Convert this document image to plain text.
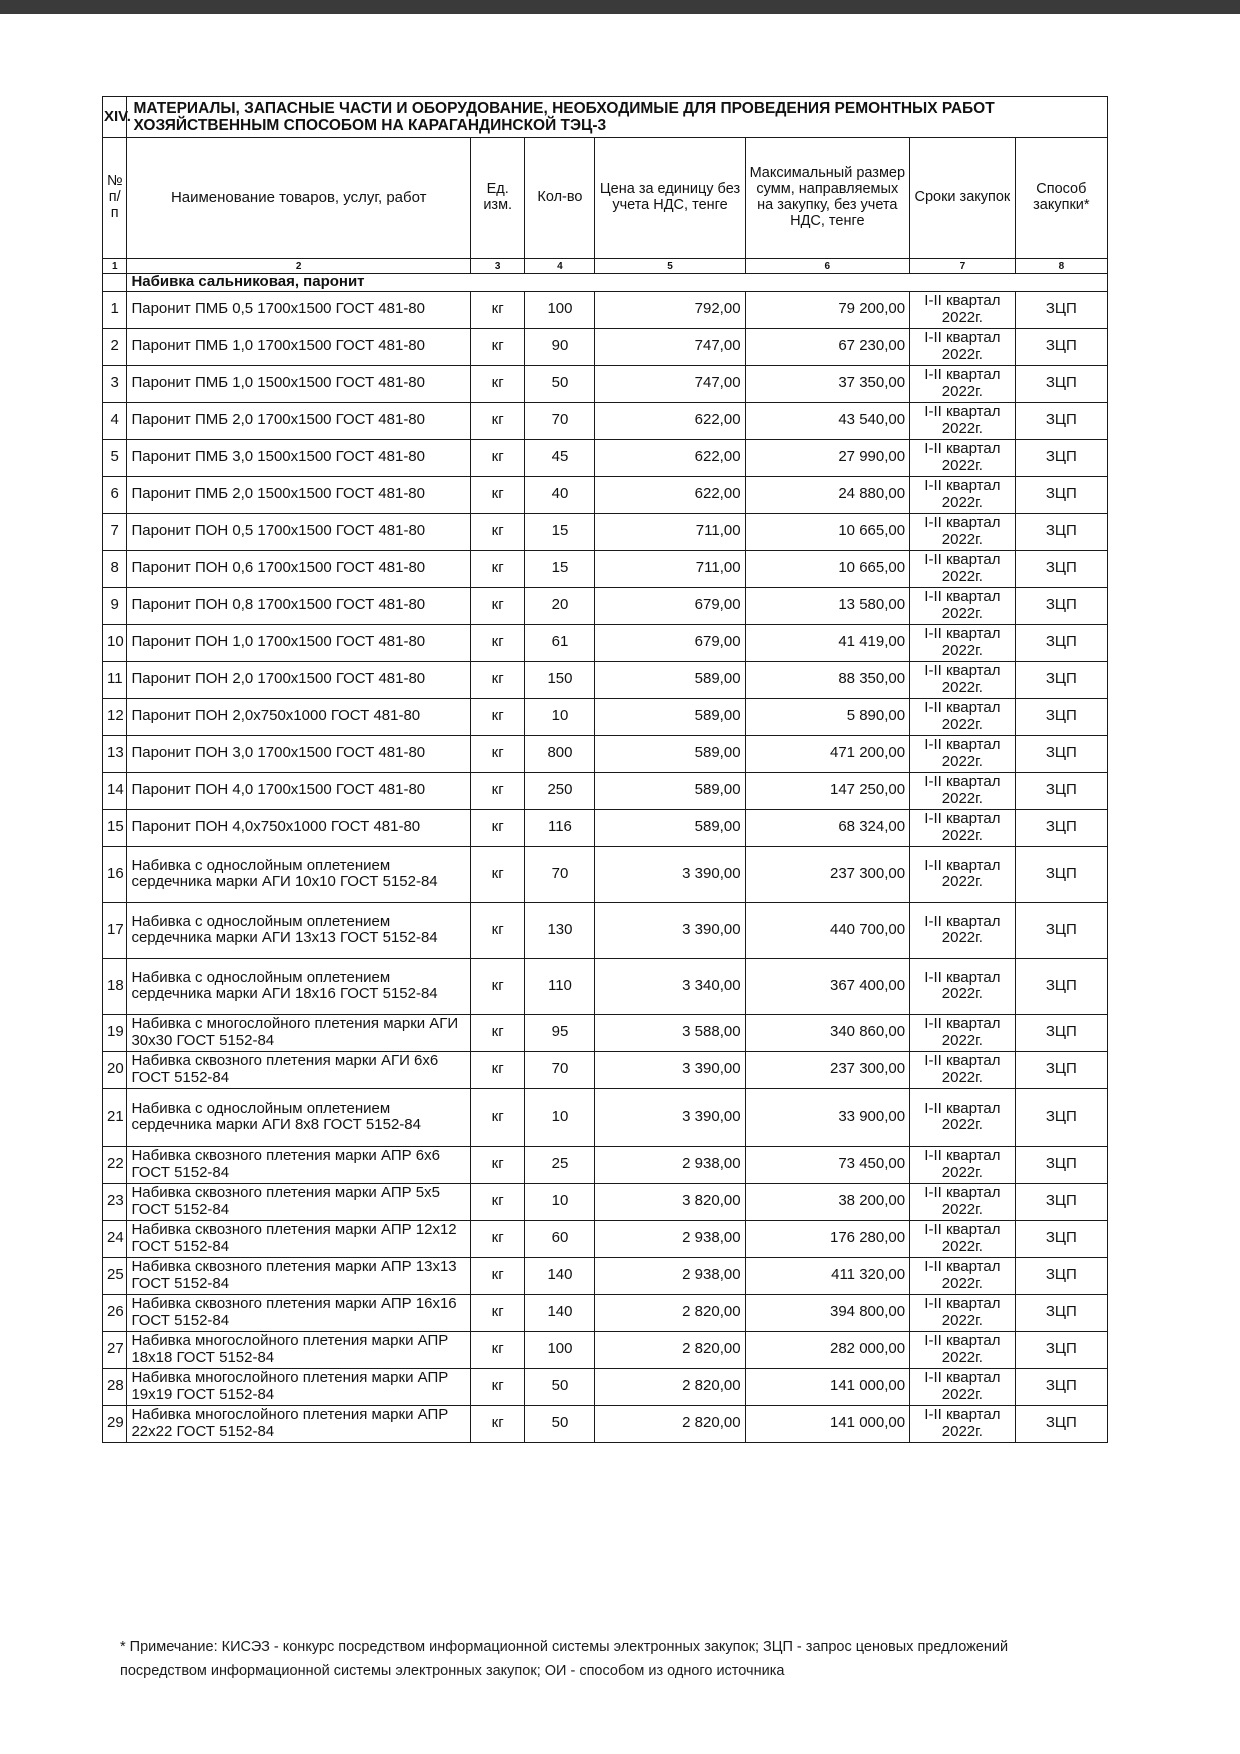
XIV.	МАТЕРИАЛЫ, ЗАПАСНЫЕ ЧАСТИ И ОБОРУДОВАНИЕ, НЕОБХОДИМЫЕ ДЛЯ ПРОВЕДЕНИЯ РЕМОНТНЫХ РАБОТ ХОЗЯЙСТВЕННЫМ СПОСОБОМ НА КАРАГАНДИНСКОЙ ТЭЦ-3						
№ п/п	Наименование товаров, услуг, работ	Ед. изм.	Кол-во	Цена за единицу без учета НДС, тенге	Максимальный размер сумм, направляемых на закупку, без учета НДС, тенге	Сроки закупок	Способ закупки*
1	2	3	4	5	6	7	8
	Набивка сальниковая, паронит						
1	Паронит ПМБ 0,5 1700х1500 ГОСТ 481-80	кг	100	792,00	79 200,00	I-II квартал 2022г.	ЗЦП
2	Паронит ПМБ 1,0 1700х1500 ГОСТ 481-80	кг	90	747,00	67 230,00	I-II квартал 2022г.	ЗЦП
3	Паронит ПМБ 1,0 1500х1500 ГОСТ 481-80	кг	50	747,00	37 350,00	I-II квартал 2022г.	ЗЦП
4	Паронит ПМБ 2,0 1700х1500 ГОСТ 481-80	кг	70	622,00	43 540,00	I-II квартал 2022г.	ЗЦП
5	Паронит ПМБ 3,0 1500х1500 ГОСТ 481-80	кг	45	622,00	27 990,00	I-II квартал 2022г.	ЗЦП
6	Паронит ПМБ 2,0 1500х1500 ГОСТ 481-80	кг	40	622,00	24 880,00	I-II квартал 2022г.	ЗЦП
7	Паронит ПОН 0,5 1700х1500 ГОСТ 481-80	кг	15	711,00	10 665,00	I-II квартал 2022г.	ЗЦП
8	Паронит ПОН 0,6 1700х1500 ГОСТ 481-80	кг	15	711,00	10 665,00	I-II квартал 2022г.	ЗЦП
9	Паронит ПОН 0,8 1700х1500 ГОСТ 481-80	кг	20	679,00	13 580,00	I-II квартал 2022г.	ЗЦП
10	Паронит ПОН 1,0 1700х1500 ГОСТ 481-80	кг	61	679,00	41 419,00	I-II квартал 2022г.	ЗЦП
11	Паронит ПОН 2,0 1700х1500 ГОСТ 481-80	кг	150	589,00	88 350,00	I-II квартал 2022г.	ЗЦП
12	Паронит ПОН 2,0х750х1000 ГОСТ 481-80	кг	10	589,00	5 890,00	I-II квартал 2022г.	ЗЦП
13	Паронит ПОН 3,0 1700х1500 ГОСТ 481-80	кг	800	589,00	471 200,00	I-II квартал 2022г.	ЗЦП
14	Паронит ПОН 4,0 1700х1500 ГОСТ 481-80	кг	250	589,00	147 250,00	I-II квартал 2022г.	ЗЦП
15	Паронит ПОН 4,0х750х1000 ГОСТ 481-80	кг	116	589,00	68 324,00	I-II квартал 2022г.	ЗЦП
16	Набивка с однослойным оплетением сердечника марки АГИ 10х10 ГОСТ 5152-84	кг	70	3 390,00	237 300,00	I-II квартал 2022г.	ЗЦП
17	Набивка с однослойным оплетением сердечника марки АГИ 13х13 ГОСТ 5152-84	кг	130	3 390,00	440 700,00	I-II квартал 2022г.	ЗЦП
18	Набивка с однослойным оплетением сердечника марки АГИ 18х16 ГОСТ 5152-84	кг	110	3 340,00	367 400,00	I-II квартал 2022г.	ЗЦП
19	Набивка с многослойного плетения марки АГИ 30х30 ГОСТ 5152-84	кг	95	3 588,00	340 860,00	I-II квартал 2022г.	ЗЦП
20	Набивка сквозного плетения марки АГИ 6х6 ГОСТ 5152-84	кг	70	3 390,00	237 300,00	I-II квартал 2022г.	ЗЦП
21	Набивка с однослойным оплетением сердечника марки АГИ 8х8 ГОСТ 5152-84	кг	10	3 390,00	33 900,00	I-II квартал 2022г.	ЗЦП
22	Набивка сквозного плетения марки АПР 6х6 ГОСТ 5152-84	кг	25	2 938,00	73 450,00	I-II квартал 2022г.	ЗЦП
23	Набивка сквозного плетения марки АПР 5х5 ГОСТ 5152-84	кг	10	3 820,00	38 200,00	I-II квартал 2022г.	ЗЦП
24	Набивка сквозного плетения марки АПР 12х12 ГОСТ 5152-84	кг	60	2 938,00	176 280,00	I-II квартал 2022г.	ЗЦП
25	Набивка сквозного плетения марки АПР 13х13 ГОСТ 5152-84	кг	140	2 938,00	411 320,00	I-II квартал 2022г.	ЗЦП
26	Набивка сквозного плетения марки АПР 16х16 ГОСТ 5152-84	кг	140	2 820,00	394 800,00	I-II квартал 2022г.	ЗЦП
27	Набивка многослойного плетения марки АПР 18х18 ГОСТ 5152-84	кг	100	2 820,00	282 000,00	I-II квартал 2022г.	ЗЦП
28	Набивка многослойного плетения марки АПР 19х19 ГОСТ 5152-84	кг	50	2 820,00	141 000,00	I-II квартал 2022г.	ЗЦП
29	Набивка многослойного плетения марки АПР 22х22 ГОСТ 5152-84	кг	50	2 820,00	141 000,00	I-II квартал 2022г.	ЗЦП
* Примечание: КИСЭЗ - конкурс посредством информационной системы электронных закупок; ЗЦП - запрос ценовых предложений посредством информационной системы электронных закупок; ОИ - способом из одного источника
